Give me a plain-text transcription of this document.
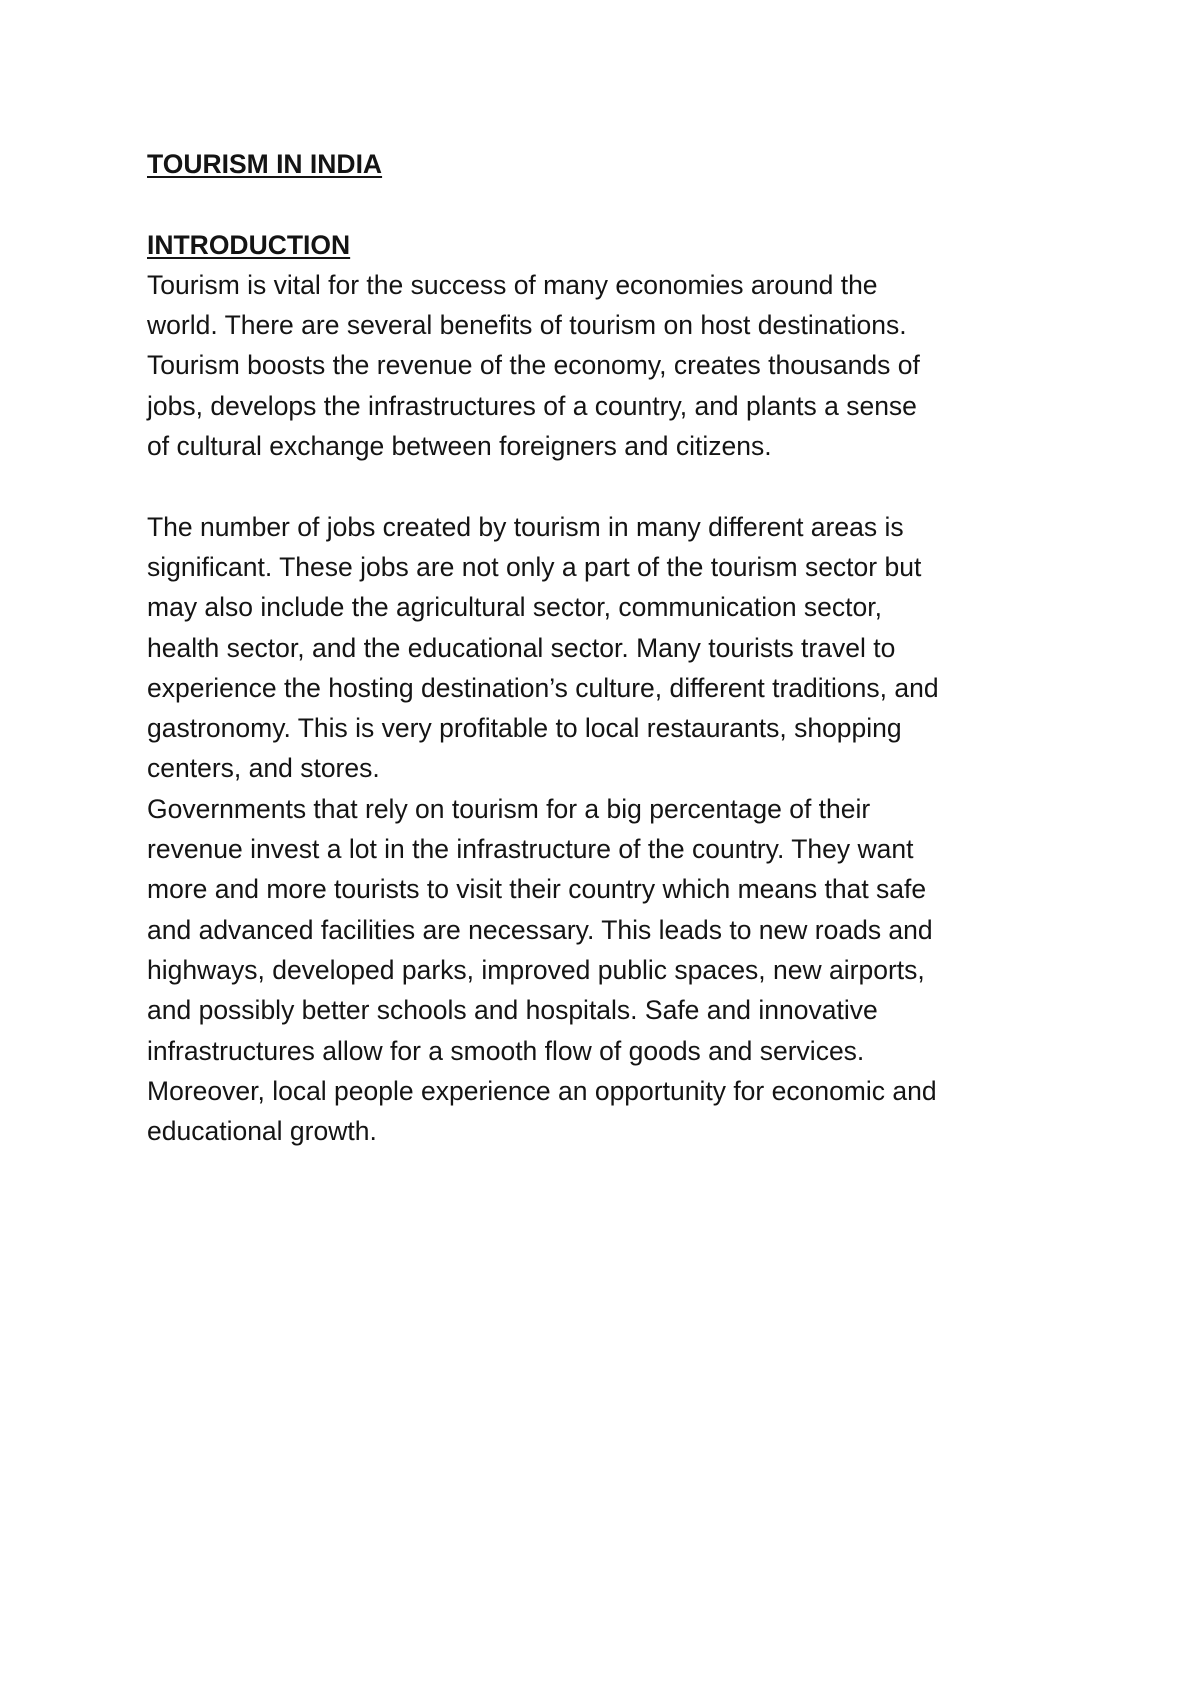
TOURISM IN INDIA
INTRODUCTION

Tourism is vital for the success of many economies around the
world. There are several benefits of tourism on host destinations.
Tourism boosts the revenue of the economy, creates thousands of
jobs, develops the infrastructures of a country, and plants a sense
of cultural exchange between foreigners and citizens.

The number of jobs created by tourism in many different areas is
significant. These jobs are not only a part of the tourism sector but
may also include the agricultural sector, communication sector,
health sector, and the educational sector. Many tourists travel to
experience the hosting destination’s culture, different traditions, and
gastronomy. This is very profitable to local restaurants, shopping
centers, and stores.

Governments that rely on tourism for a big percentage of their
revenue invest a lot in the infrastructure of the country. They want
more and more tourists to visit their country which means that safe
and advanced facilities are necessary. This leads to new roads and
highways, developed parks, improved public spaces, new airports,
and possibly better schools and hospitals. Safe and innovative
infrastructures allow for a smooth flow of goods and services.
Moreover, local people experience an opportunity for economic and
educational growth.
